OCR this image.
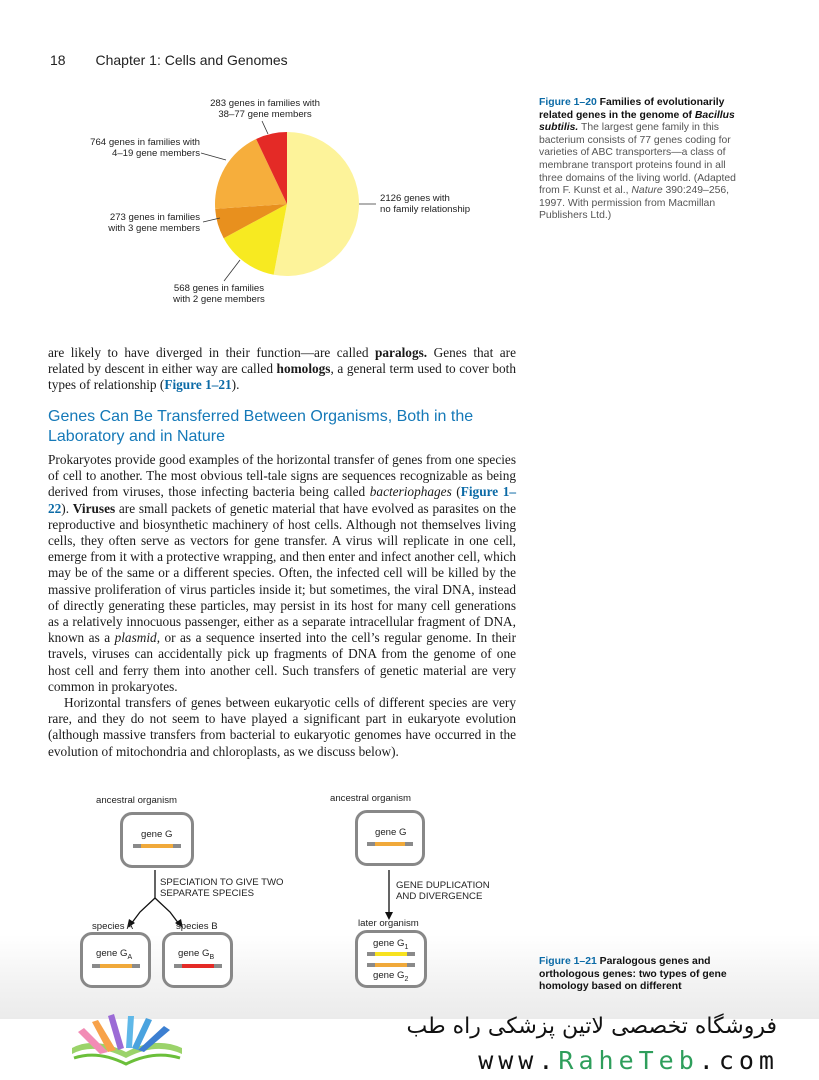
18 Chapter 1: Cells and Genomes
283 genes in families with
38–77 gene members
764 genes in families with
4–19 gene members
273 genes in families
with 3 gene members
568 genes in families
with 2 gene members
2126 genes with
no family relationship
Figure 1–20 Families of evolutionarily related genes in the genome of Bacillus subtilis. The largest gene family in this bacterium consists of 77 genes coding for varieties of ABC transporters—a class of membrane transport proteins found in all three domains of the living world. (Adapted from F. Kunst et al., Nature 390:249–256, 1997. With permission from Macmillan Publishers Ltd.)

are likely to have diverged in their function—are called paralogs. Genes that are related by descent in either way are called homologs, a general term used to cover both types of relationship (Figure 1–21).

Genes Can Be Transferred Between Organisms, Both in the Laboratory and in Nature

Prokaryotes provide good examples of the horizontal transfer of genes from one species of cell to another. The most obvious tell-tale signs are sequences recognizable as being derived from viruses, those infecting bacteria being called bacteriophages (Figure 1–22). Viruses are small packets of genetic material that have evolved as parasites on the reproductive and biosynthetic machinery of host cells. Although not themselves living cells, they often serve as vectors for gene transfer. A virus will replicate in one cell, emerge from it with a protective wrapping, and then enter and infect another cell, which may be of the same or a different species. Often, the infected cell will be killed by the massive proliferation of virus particles inside it; but sometimes, the viral DNA, instead of directly generating these particles, may persist in its host for many cell generations as a relatively innocuous passenger, either as a separate intracellular fragment of DNA, known as a plasmid, or as a sequence inserted into the cell’s regular genome. In their travels, viruses can accidentally pick up fragments of DNA from the genome of one host cell and ferry them into another cell. Such transfers of genetic material are very common in prokaryotes.

Horizontal transfers of genes between eukaryotic cells of different species are very rare, and they do not seem to have played a significant part in eukaryote evolution (although massive transfers from bacterial to eukaryotic genomes have occurred in the evolution of mitochondria and chloroplasts, as we discuss below).

ancestral organism
gene G
SPECIATION TO GIVE TWO
SEPARATE SPECIES
species A	species B
gene $G_A$	gene $G_B$
ancestral organism
gene G
GENE DUPLICATION
AND DIVERGENCE
later organism
gene $G_1$
gene $G_2$
Figure 1–21 Paralogous genes and orthologous genes: two types of gene homology based on different
فروشگاه تخصصی لاتین پزشکی راه طب
www.RaheTeb.com
